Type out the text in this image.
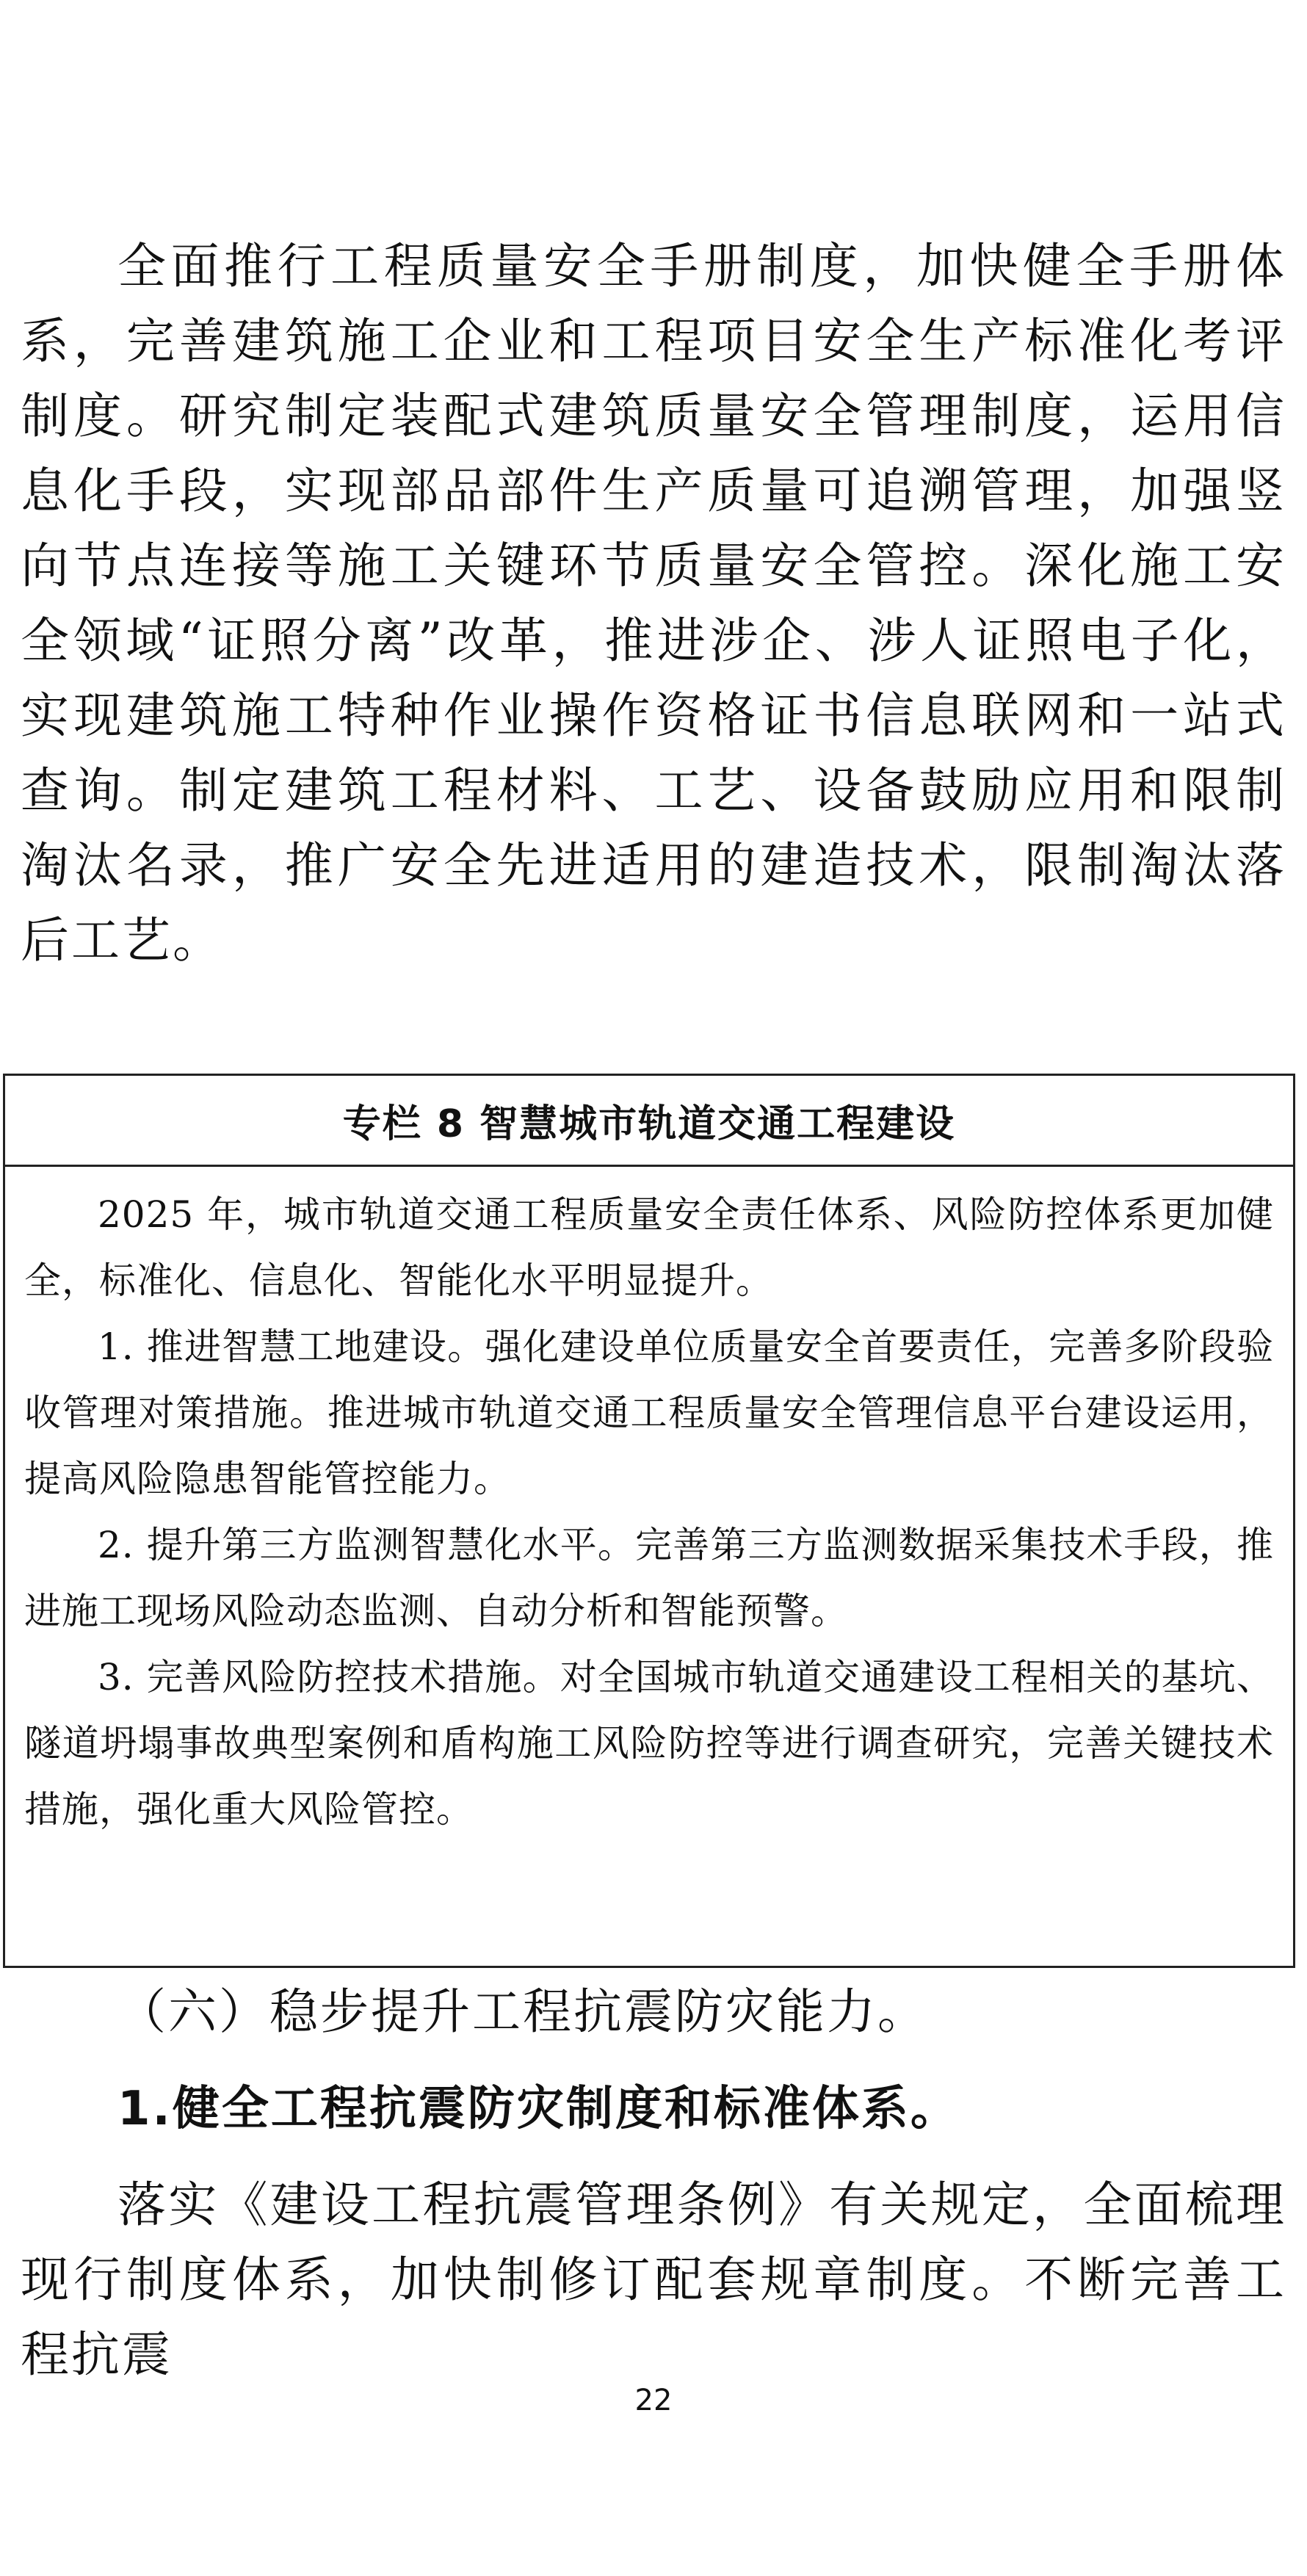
全面推行工程质量安全手册制度，加快健全手册体系，完善建筑施工企业和工程项目安全生产标准化考评制度。研究制定装配式建筑质量安全管理制度，运用信息化手段，实现部品部件生产质量可追溯管理，加强竖向节点连接等施工关键环节质量安全管控。深化施工安全领域“证照分离”改革，推进涉企、涉人证照电子化，实现建筑施工特种作业操作资格证书信息联网和一站式查询。制定建筑工程材料、工艺、设备鼓励应用和限制淘汰名录，推广安全先进适用的建造技术，限制淘汰落后工艺。

专栏 8 智慧城市轨道交通工程建设

2025 年，城市轨道交通工程质量安全责任体系、风险防控体系更加健全，标准化、信息化、智能化水平明显提升。

1. 推进智慧工地建设。强化建设单位质量安全首要责任，完善多阶段验收管理对策措施。推进城市轨道交通工程质量安全管理信息平台建设运用，提高风险隐患智能管控能力。

2. 提升第三方监测智慧化水平。完善第三方监测数据采集技术手段，推进施工现场风险动态监测、自动分析和智能预警。

3. 完善风险防控技术措施。对全国城市轨道交通建设工程相关的基坑、隧道坍塌事故典型案例和盾构施工风险防控等进行调查研究，完善关键技术措施，强化重大风险管控。

（六）稳步提升工程抗震防灾能力。

1.健全工程抗震防灾制度和标准体系。

落实《建设工程抗震管理条例》有关规定，全面梳理现行制度体系，加快制修订配套规章制度。不断完善工程抗震

22
